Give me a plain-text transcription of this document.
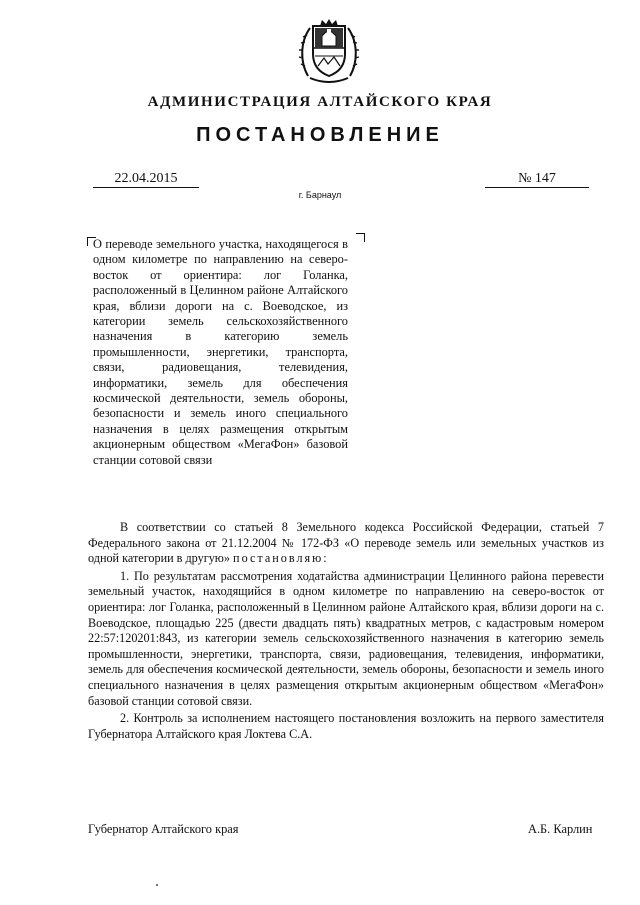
АДМИНИСТРАЦИЯ АЛТАЙСКОГО КРАЯ
ПОСТАНОВЛЕНИЕ
22.04.2015	№ 147
г. Барнаул
О переводе земельного участка, находящегося в одном километре по направлению на северо-восток от ориентира: лог Голанка, расположенный в Целинном районе Алтайского края, вблизи дороги на с. Воеводское, из категории земель сельскохозяйственного назначения в категорию земель промышленности, энергетики, транспорта, связи, радиовещания, телевидения, информатики, земель для обеспечения космической деятельности, земель обороны, безопасности и земель иного специального назначения в целях размещения открытым акционерным обществом «МегаФон» базовой станции сотовой связи

В соответствии со статьей 8 Земельного кодекса Российской Федерации, статьей 7 Федерального закона от 21.12.2004 № 172-ФЗ «О переводе земель или земельных участков из одной категории в другую» постановляю:

1. По результатам рассмотрения ходатайства администрации Целинного района перевести земельный участок, находящийся в одном километре по направлению на северо-восток от ориентира: лог Голанка, расположенный в Целинном районе Алтайского края, вблизи дороги на с. Воеводское, площадью 225 (двести двадцать пять) квадратных метров, с кадастровым номером 22:57:120201:843, из категории земель сельскохозяйственного назначения в категорию земель промышленности, энергетики, транспорта, связи, радиовещания, телевидения, информатики, земель для обеспечения космической деятельности, земель обороны, безопасности и земель иного специального назначения в целях размещения открытым акционерным обществом «МегаФон» базовой станции сотовой связи.

2. Контроль за исполнением настоящего постановления возложить на первого заместителя Губернатора Алтайского края Локтева С.А.

Губернатор Алтайского края	А.Б. Карлин
